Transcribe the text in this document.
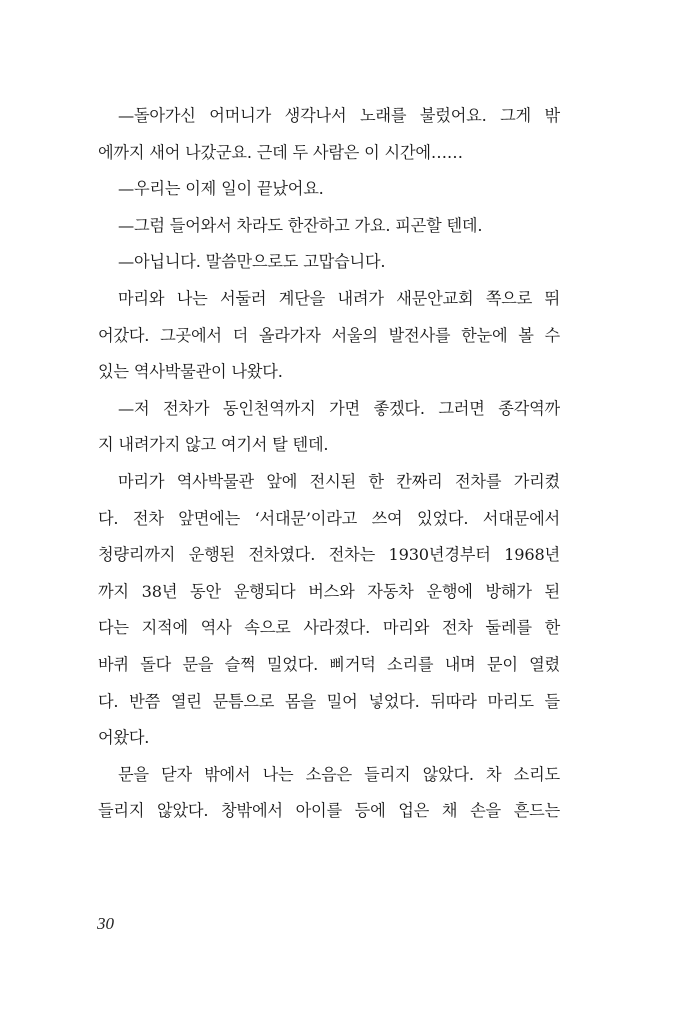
—돌아가신 어머니가 생각나서 노래를 불렀어요. 그게 밖
에까지 새어 나갔군요. 근데 두 사람은 이 시간에……
—우리는 이제 일이 끝났어요.
—그럼 들어와서 차라도 한잔하고 가요. 피곤할 텐데.
—아닙니다. 말씀만으로도 고맙습니다.
마리와 나는 서둘러 계단을 내려가 새문안교회 쪽으로 뛰
어갔다. 그곳에서 더 올라가자 서울의 발전사를 한눈에 볼 수
있는 역사박물관이 나왔다.
—저 전차가 동인천역까지 가면 좋겠다. 그러면 종각역까
지 내려가지 않고 여기서 탈 텐데.
마리가 역사박물관 앞에 전시된 한 칸짜리 전차를 가리켰
다. 전차 앞면에는 ‘서대문’이라고 쓰여 있었다. 서대문에서
청량리까지 운행된 전차였다. 전차는 1930년경부터 1968년
까지 38년 동안 운행되다 버스와 자동차 운행에 방해가 된
다는 지적에 역사 속으로 사라졌다. 마리와 전차 둘레를 한
바퀴 돌다 문을 슬쩍 밀었다. 삐거덕 소리를 내며 문이 열렸
다. 반쯤 열린 문틈으로 몸을 밀어 넣었다. 뒤따라 마리도 들
어왔다.
문을 닫자 밖에서 나는 소음은 들리지 않았다. 차 소리도
들리지 않았다. 창밖에서 아이를 등에 업은 채 손을 흔드는
30
